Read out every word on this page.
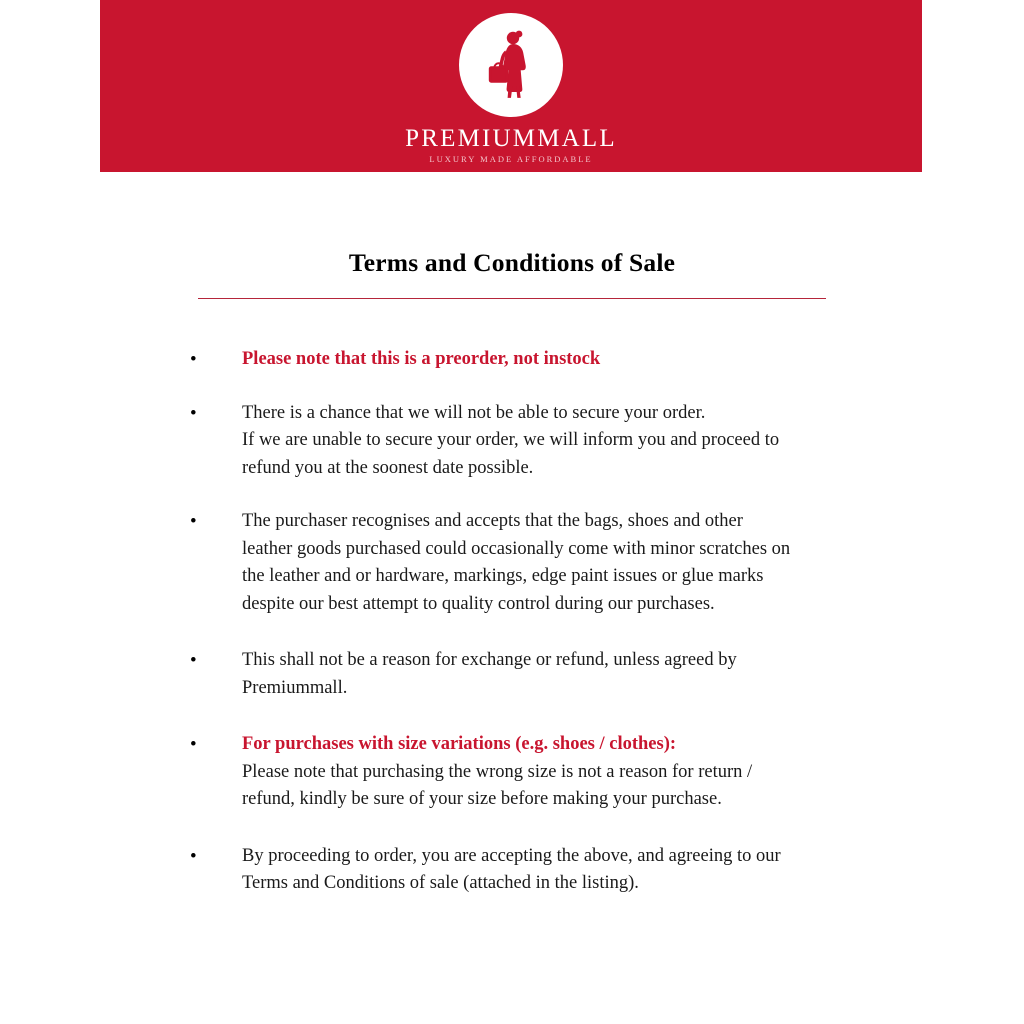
PREMIUMMALL
LUXURY MADE AFFORDABLE
Terms and Conditions of Sale
•	Please note that this is a preorder, not instock

•	There is a chance that we will not be able to secure your order.

If we are unable to secure your order, we will inform you and proceed to

refund you at the soonest date possible.

•	The purchaser recognises and accepts that the bags, shoes and other

leather goods purchased could occasionally come with minor scratches on

the leather and or hardware, markings, edge paint issues or glue marks

despite our best attempt to quality control during our purchases.

•	This shall not be a reason for exchange or refund, unless agreed by

Premiummall.

•	For purchases with size variations (e.g. shoes / clothes):

Please note that purchasing the wrong size is not a reason for return /

refund, kindly be sure of your size before making your purchase.

•	By proceeding to order, you are accepting the above, and agreeing to our

Terms and Conditions of sale (attached in the listing).
